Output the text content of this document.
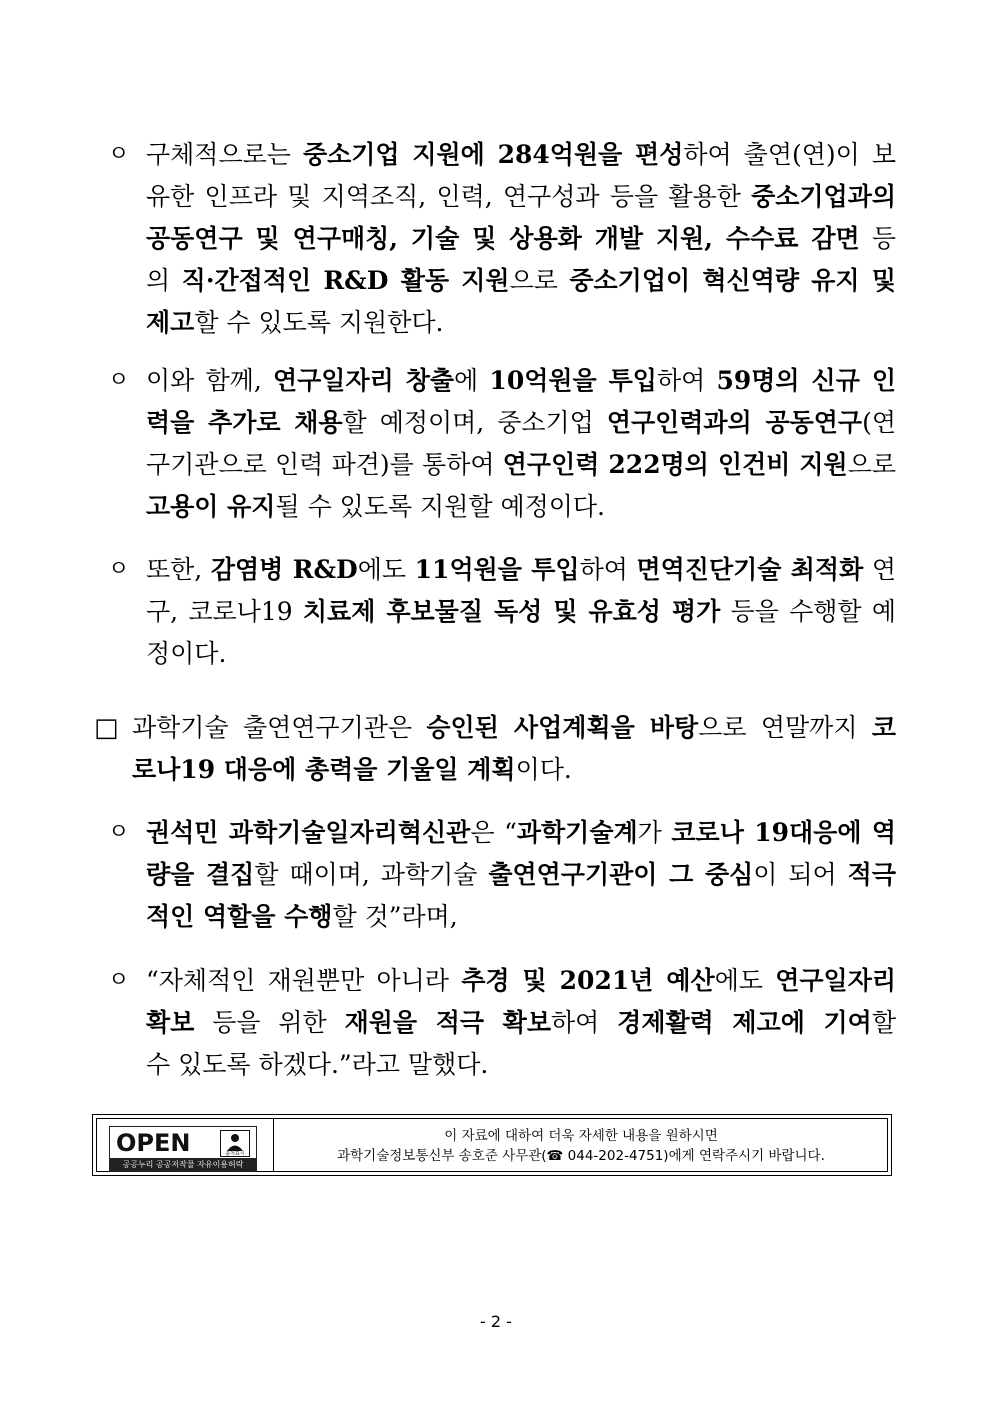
ㅇ 구체적으로는 중소기업 지원에 284억원을 편성하여 출연(연)이 보
유한 인프라 및 지역조직, 인력, 연구성과 등을 활용한 중소기업과의
공동연구 및 연구매칭, 기술 및 상용화 개발 지원, 수수료 감면 등
의 직·간접적인 R&D 활동 지원으로 중소기업이 혁신역량 유지 및
제고할 수 있도록 지원한다.
ㅇ 이와 함께, 연구일자리 창출에 10억원을 투입하여 59명의 신규 인
력을 추가로 채용할 예정이며, 중소기업 연구인력과의 공동연구(연
구기관으로 인력 파견)를 통하여 연구인력 222명의 인건비 지원으로
고용이 유지될 수 있도록 지원할 예정이다.
ㅇ 또한, 감염병 R&D에도 11억원을 투입하여 면역진단기술 최적화 연
구, 코로나19 치료제 후보물질 독성 및 유효성 평가 등을 수행할 예
정이다.
□ 과학기술 출연연구기관은 승인된 사업계획을 바탕으로 연말까지 코
로나19 대응에 총력을 기울일 계획이다.
ㅇ 권석민 과학기술일자리혁신관은 “과학기술계가 코로나 19대응에 역
량을 결집할 때이며, 과학기술 출연연구기관이 그 중심이 되어 적극
적인 역할을 수행할 것”라며,
ㅇ “자체적인 재원뿐만 아니라 추경 및 2021년 예산에도 연구일자리
확보 등을 위한 재원을 적극 확보하여 경제활력 제고에 기여할
수 있도록 하겠다.”라고 말했다.
OPEN	출처표시
공공누리 공공저작물 자유이용허락
이 자료에 대하여 더욱 자세한 내용을 원하시면
과학기술정보통신부 송호준 사무관(☎ 044-202-4751)에게 연락주시기 바랍니다.
- 2 -
